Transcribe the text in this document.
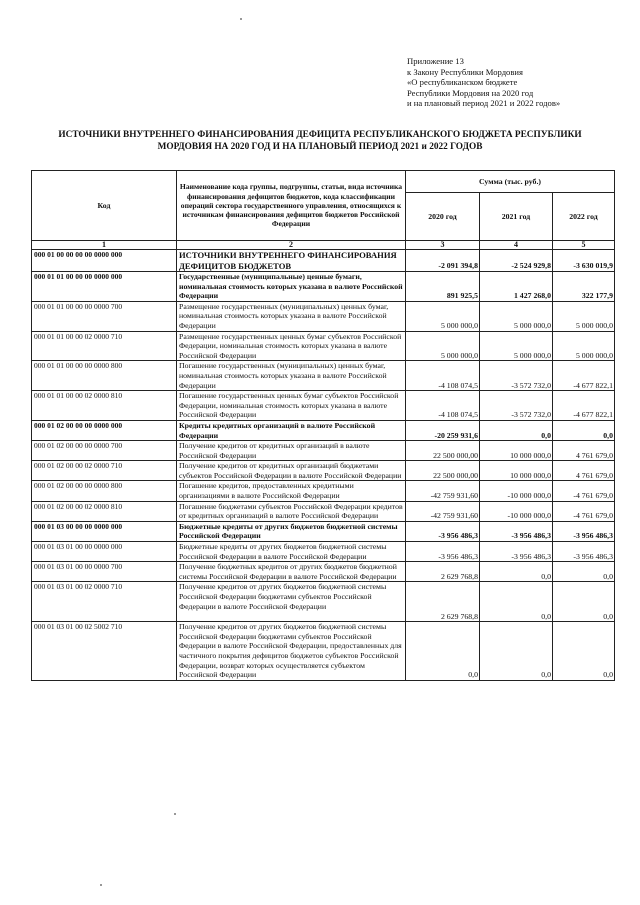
Приложение 13
к Закону Республики Мордовия
«О республиканском бюджете
Республики Мордовия на 2020 год
и на плановый период 2021 и 2022 годов»
ИСТОЧНИКИ ВНУТРЕННЕГО ФИНАНСИРОВАНИЯ ДЕФИЦИТА РЕСПУБЛИКАНСКОГО БЮДЖЕТА РЕСПУБЛИКИ МОРДОВИЯ НА 2020 ГОД И НА ПЛАНОВЫЙ ПЕРИОД 2021 и 2022 ГОДОВ
Код	Наименование кода группы, подгруппы, статьи, вида источника финансирования дефицитов бюджетов, кода классификации операций сектора государственного управления, относящихся к источникам финансирования дефицитов бюджетов Российской Федерации	Сумма (тыс. руб.)		
		2020 год	2021 год	2022 год
1	2	3	4	5
000 01 00 00 00 00 0000 000	ИСТОЧНИКИ ВНУТРЕННЕГО ФИНАНСИРОВАНИЯ ДЕФИЦИТОВ БЮДЖЕТОВ	-2 091 394,8	-2 524 929,8	-3 630 019,9
000 01 01 00 00 00 0000 000	Государственные (муниципальные) ценные бумаги, номинальная стоимость которых указана в валюте Российской Федерации	891 925,5	1 427 268,0	322 177,9
000 01 01 00 00 00 0000 700	Размещение государственных (муниципальных) ценных бумаг, номинальная стоимость которых указана в валюте Российской Федерации	5 000 000,0	5 000 000,0	5 000 000,0
000 01 01 00 00 02 0000 710	Размещение государственных ценных бумаг субъектов Российской Федерации, номинальная стоимость которых указана в валюте Российской Федерации	5 000 000,0	5 000 000,0	5 000 000,0
000 01 01 00 00 00 0000 800	Погашение государственных (муниципальных) ценных бумаг, номинальная стоимость которых указана в валюте Российской Федерации	-4 108 074,5	-3 572 732,0	-4 677 822,1
000 01 01 00 00 02 0000 810	Погашение государственных ценных бумаг субъектов Российской Федерации, номинальная стоимость которых указана в валюте Российской Федерации	-4 108 074,5	-3 572 732,0	-4 677 822,1
000 01 02 00 00 00 0000 000	Кредиты кредитных организаций в валюте Российской Федерации	-20 259 931,6	0,0	0,0
000 01 02 00 00 00 0000 700	Получение кредитов от кредитных организаций в валюте Российской Федерации	22 500 000,00	10 000 000,0	4 761 679,0
000 01 02 00 00 02 0000 710	Получение кредитов от кредитных организаций бюджетами субъектов Российской Федерации в валюте Российской Федерации	22 500 000,00	10 000 000,0	4 761 679,0
000 01 02 00 00 00 0000 800	Погашение кредитов, предоставленных кредитными организациями в валюте Российской Федерации	-42 759 931,60	-10 000 000,0	-4 761 679,0
000 01 02 00 00 02 0000 810	Погашение бюджетами субъектов Российской Федерации кредитов от кредитных организаций в валюте Российской Федерации	-42 759 931,60	-10 000 000,0	-4 761 679,0
000 01 03 00 00 00 0000 000	Бюджетные кредиты от других бюджетов бюджетной системы Российской Федерации	-3 956 486,3	-3 956 486,3	-3 956 486,3
000 01 03 01 00 00 0000 000	Бюджетные кредиты от других бюджетов бюджетной системы Российской Федерации в валюте Российской Федерации	-3 956 486,3	-3 956 486,3	-3 956 486,3
000 01 03 01 00 00 0000 700	Получение бюджетных кредитов от других бюджетов бюджетной системы Российской Федерации в валюте Российской Федерации	2 629 768,8	0,0	0,0
000 01 03 01 00 02 0000 710	Получение кредитов от других бюджетов бюджетной системы Российской Федерации бюджетами субъектов Российской Федерации в валюте Российской Федерации	2 629 768,8	0,0	0,0
000 01 03 01 00 02 5002 710	Получение кредитов от других бюджетов бюджетной системы Российской Федерации бюджетами субъектов Российской Федерации в валюте Российской Федерации, предоставленных для частичного покрытия дефицитов бюджетов субъектов Российской Федерации, возврат которых осуществляется субъектом Российской Федерации	0,0	0,0	0,0
